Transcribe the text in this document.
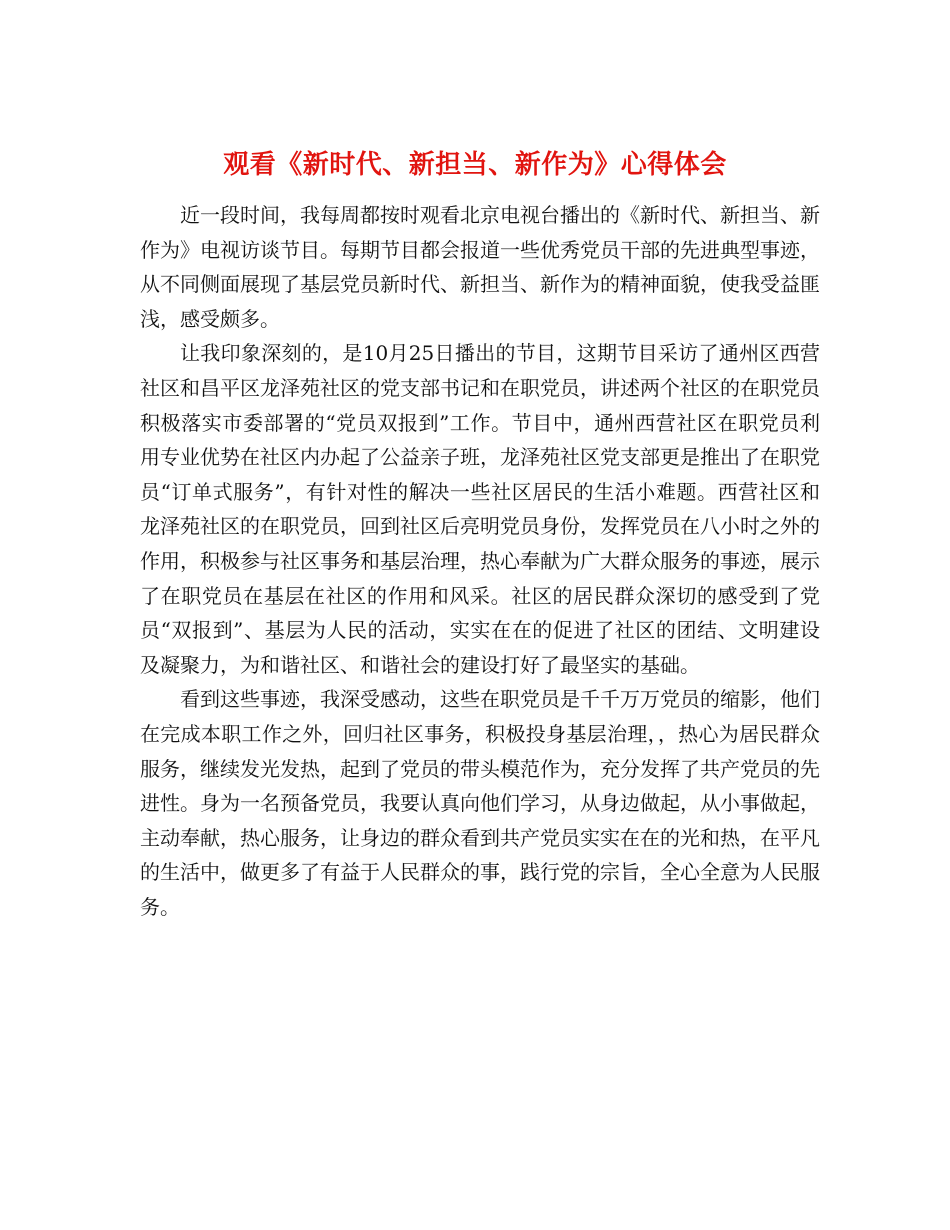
观看《新时代、新担当、新作为》心得体会

近一段时间，我每周都按时观看北京电视台播出的《新时代、新担当、新作为》电视访谈节目。每期节目都会报道一些优秀党员干部的先进典型事迹，从不同侧面展现了基层党员新时代、新担当、新作为的精神面貌，使我受益匪浅，感受颇多。

让我印象深刻的，是10月25日播出的节目，这期节目采访了通州区西营社区和昌平区龙泽苑社区的党支部书记和在职党员，讲述两个社区的在职党员积极落实市委部署的“党员双报到”工作。节目中，通州西营社区在职党员利用专业优势在社区内办起了公益亲子班，龙泽苑社区党支部更是推出了在职党员“订单式服务”，有针对性的解决一些社区居民的生活小难题。西营社区和龙泽苑社区的在职党员，回到社区后亮明党员身份，发挥党员在八小时之外的作用，积极参与社区事务和基层治理，热心奉献为广大群众服务的事迹，展示了在职党员在基层在社区的作用和风采。社区的居民群众深切的感受到了党员“双报到”、基层为人民的活动，实实在在的促进了社区的团结、文明建设及凝聚力，为和谐社区、和谐社会的建设打好了最坚实的基础。

看到这些事迹，我深受感动，这些在职党员是千千万万党员的缩影，他们在完成本职工作之外，回归社区事务，积极投身基层治理，，热心为居民群众服务，继续发光发热，起到了党员的带头模范作为，充分发挥了共产党员的先进性。身为一名预备党员，我要认真向他们学习，从身边做起，从小事做起，主动奉献，热心服务，让身边的群众看到共产党员实实在在的光和热，在平凡的生活中，做更多了有益于人民群众的事，践行党的宗旨，全心全意为人民服务。
